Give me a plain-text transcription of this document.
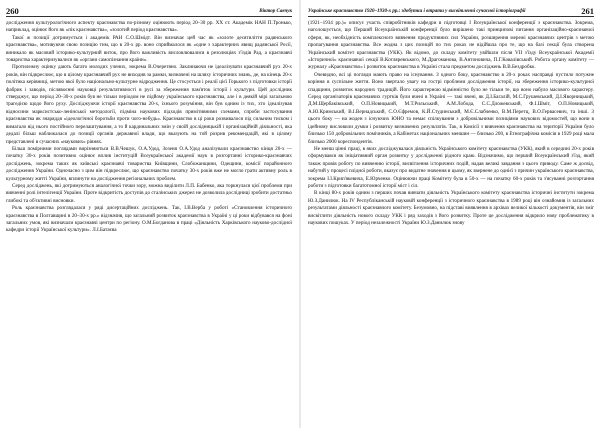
260	Віктор Савчук

дослідження культурологічного аспекту краєзнавства по-різному оцінюють період 20–30 рр. XX ст. Академік НАН П.Тронько, наприклад, оцінює його як «пік краєзнавства», «золотий період краєзнавства».

Такої ж позиції дотримується і академік РАН С.О.Шмідт. Він визначає цей час як «золоте десятиліття радянського краєзнавства», мотивуючи свою позицію тим, що в 20-х рр. воно сприймалося як «одне з характерних явищ радянської Росії, виникало як масовий історико-культурний виток, про його важливість висловлювалися в резолюціях з'їздів Рад, а краєзнавчі товариства характеризувалися як «органи самопізнання країни».

Протилежну оцінку дають багато молодих учених, зокрема В.Очеретяно. Заклинаючи не ідеалізувати краєзнавчий рух 20-х років, він підкреслює, що в цілому краєзнавчий рух не виходив за рамки, визначені на шляху історичних знань, де, на кінець 20-х політика керівниці, метою якої було національно-культурне відродження. Це стосується і реалії цієї Горького з підготовки історії фабрик і заводів, післявоєнні науковці результативності в русі за збереження пам'яток історії і культури. Цей дослідник стверджує, що період 20–30-х років був не тільки періодом не підйому українського краєзнавства, але і в деякій мірі загальною трагедією щодо його руху. Досліджуючи історії краєзнавства 20-х, іхнього розуміння, він був одним із тих, хто ідеалізував відносини марксистсько-ленінської методології, підміна наукових підходів примітивними схемами, спроби застосування краєзнавства як знаряддя «ідеологічної боротьби проти чого-небудь». Краєзнавство в ці роки розвивалося під сильним тиском і вимагало від нього постійного перелаштування, а то й кардинальних змін у своїй дослідницькій і організаційній діяльності, яка дедалі більш наближалася до позиції органів державної влади, що вказують на той розрив рекомендацій, які в цілому представлені в сучасних «наукових» рівнях.

Більш помірними поглядами вирізняються В.В.Чешук, О.А.Удод, Зозеня О.А.Удод аналізували краєзнавство кінця 20-х — початку 30-х років позитивно оцінює вплив інституцій Всеукраїнської академії наук в розгортанні історико-краєзнавчих досліджень, зокрема таких як київські краєзнавчі товариства Київщини, Слобожанщини, Одещини, комісії порайонного дослідження України. Одночасно з цим він підкреслює, що краєзнавство початку 30-х років вже не могло грати активну роль в культурному житті України, вплинути на дослідження регіональних проблем.

Серед досліджень, які дотримуються аналогічної точки зору, можна виділити Л.П. Бабенко, яка торкнулася цієї проблеми при вивченні ролі інтелігенції України. Проте відкритість доступів до сталінських джерел не дозволила дослідниці зробити достатньо глибокі та об'єктивні висновки.

Роль краєзнавства розглядалася у ряді дисертаційних досліджень. Так, І.В.Верба у роботі «Становлення історичного краєзнавства в Полтавщині в 20–30-х рр.» відзначив, що загальний розвиток краєзнавства в Україні у ці роки відбувався на фоні загальних умов, які визначали краєзнавчі центри по регіону. О.М.Богданова в праці «Діяльність Харківського науково-дослідної кафедри історії Української культури». Л.І.Батаєва

Українське краєзнавство 1920–1930-х рр.: здобутки і втрати у висвітленні сучасної історіографії	261

(1921–1934 рр.)» описує участь співробітників кафедри в підготовці I Всеукраїнської конференції з краєзнавства. Зокрема, наголошується, що Перший Всеукраїнській конференції було вирішено такі принципові питання організаційно-краєзнавчої сфери, як, необхідність комплексного вивчення продуктивних сил України, розширення мережі краєзнавчих центрів з метою пропагування краєзнавства. Все жодна з цих позицій по тих роках не відійшла про те, що на базі секції була створена Український комітет краєзнавства (УКК). Як відомо, до складу комітету увійшли після VII з'їзду Всеукраїнської Академії «Історичної» краєзнавчої секції В.Котляревського, М.Драгоманова, В.Антоновича, П.Г.Ковалівський. Робота органу комітету — журналу «Краєзнавство» і розвиток краєзнавства в Україні стала предметом досліджень В.В.Бездробко.

Очевидно, всі ці погляди мають право на існування. З одного боку, краєзнавство в 20-х роках насправді пустило потужне коріння в суспільне життя. Воно звертало увагу на гострі проблеми дослідження історії, на збереження історико-культурної спадщини, розвиток народних традицій. Його характерною відмінністю було не тільки те, що воно набуло масового характеру. Серед організаторів краєзнавчих гуртків були вчені в Україні — такі вчені, як Д.І.Багалій, М.С.Грушевський, Д.І.Яворницький, Д.М.Щербаківський, О.П.Новицький, М.Т.Рильський, А.М.Лобода, С.С.Дложевський, Ф.І.Шміт, О.П.Новицький, А.Ю.Кримський, В.І.Вернадський, С.О.Єфремов, К.Й.Студинський, М.Є.Слабченко, В.М.Перетц, В.О.Гервасевич, та інші. З цього боку — на жоден з існуючих ЮНО та немає спілкування з добровільними позиціями наукових відомостей, що вони в ідейному висловили думки і розвитку визначених результатів. Так, в Комісії з вивчення краєзнавства на території України було близько 150 добровільних помічників, а Кабінетах національних меншин — близько 200, в Етнографічна комісія в 1929 році мала близько 2000 кореспондентів.

Не менш цінні праці, в яких досліджувалася діяльність Українського комітету краєзнавства (УКК), який в середині 20-х років сформувався як ініціативний орган розвитку у дослідженні рідного краю. Відзначимо, що перший Всеукраїнський з'їзд, який також провів роботу по вивченню історії, висвітлення історичних подій, надав великі завдання з цього приводу. Саме ж досвід, набутий у процесі плідної роботи, вказує про видатне значення в цьому, як звернене до однієї з причин українського краєзнавства, зокрема І.І.Крип'якевича, Е.Юрченко. Оцінюючи праці Комітету була в 50-х — на початку 60-х років та з'ясуванні розгортання роботи з підготовки багатотомної історії міст і сіл.

В кінці 80-х років одним з перших почав вивчати діяльність Українського комітету краєзнавства історичні інститути зокрема Ю.З.Данилюк. На IV Республіканській науковій конференції з історичного краєзнавства в 1989 році він ознайомив із загальних результатами діяльності краєзнавчого комітету. Безумовно, на підставі виявлення в архівах великої кількості документів, він зміг висвітлити діяльність нового складу УКК і ряд заходів з його розвитку. Проте це дослідження відкрило нову проблематику в наукових пошуках. У період незалежності України Ю.З.Данилюк знову
